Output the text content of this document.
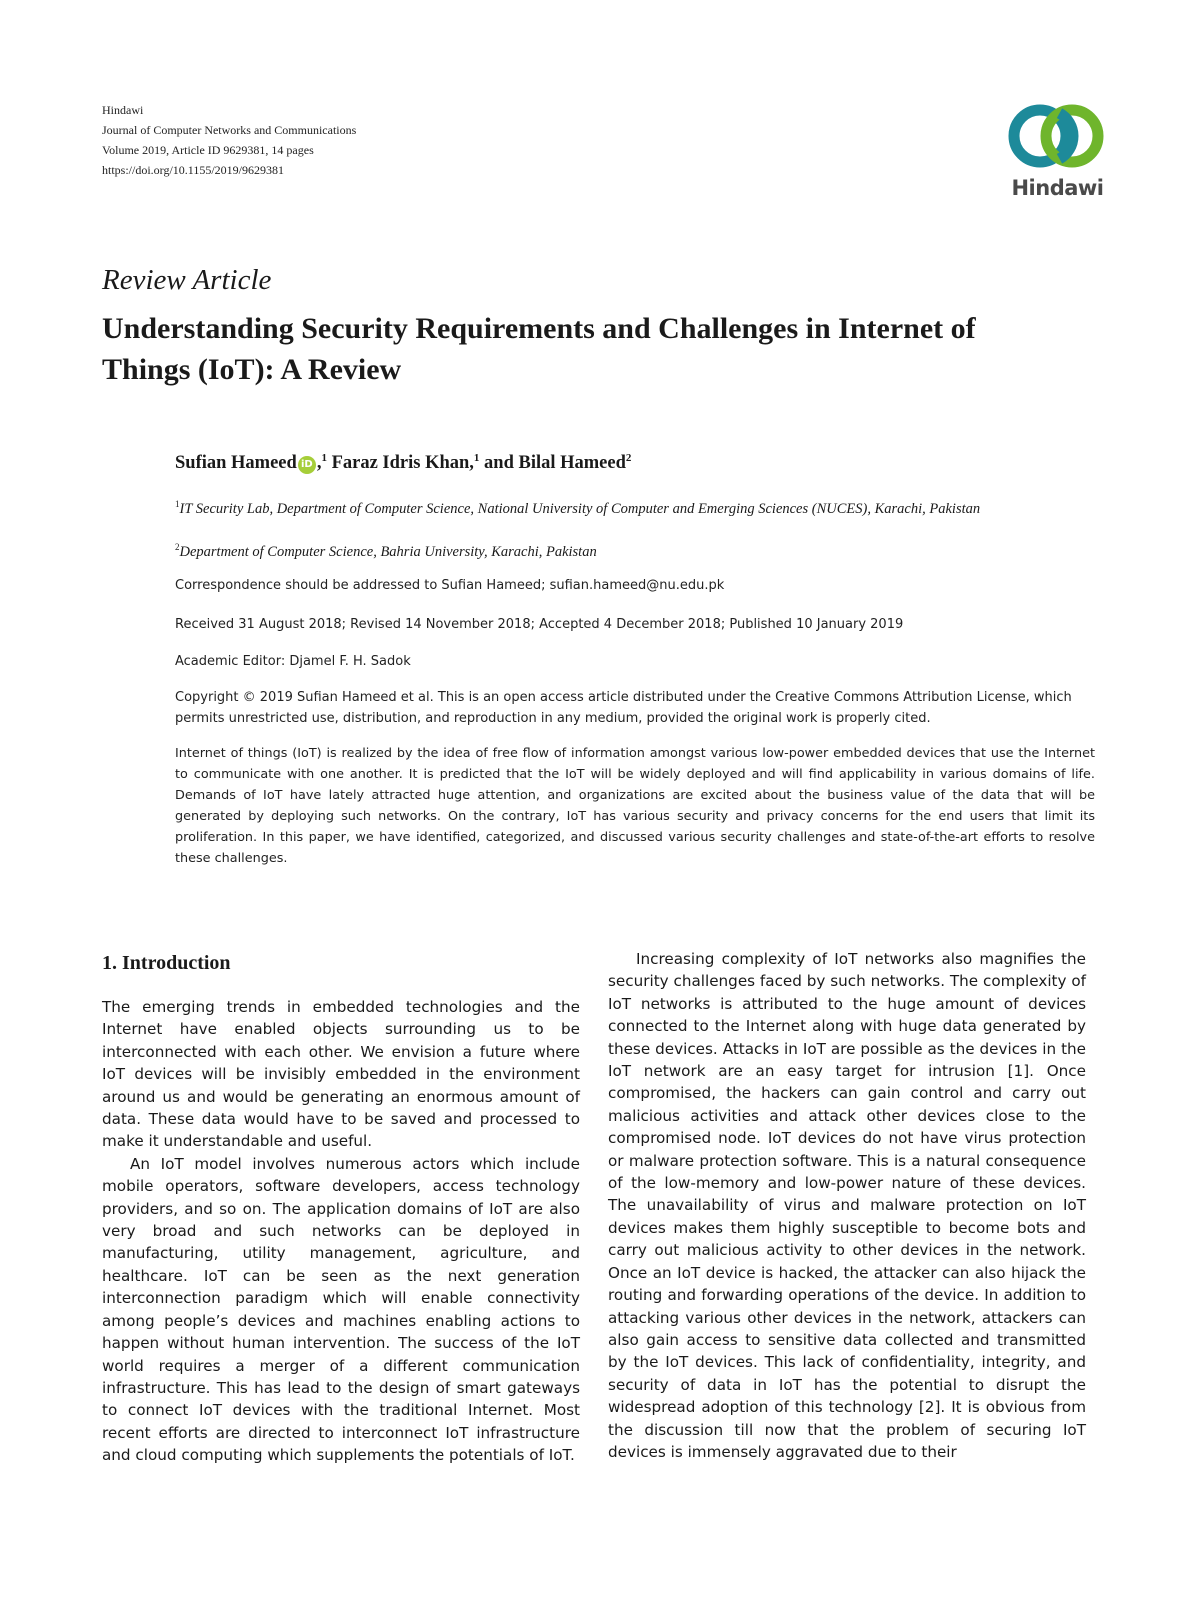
Hindawi
Journal of Computer Networks and Communications
Volume 2019, Article ID 9629381, 14 pages
https://doi.org/10.1155/2019/9629381
Hindawi
Review Article
Understanding Security Requirements and Challenges in Internet of Things (IoT): A Review
Sufian Hameed iD ,$^1$ Faraz Idris Khan,$^1$ and Bilal Hameed$^2$
$^1$IT Security Lab, Department of Computer Science, National University of Computer and Emerging Sciences (NUCES), Karachi, Pakistan
$^2$Department of Computer Science, Bahria University, Karachi, Pakistan
Correspondence should be addressed to Sufian Hameed; sufian.hameed@nu.edu.pk
Received 31 August 2018; Revised 14 November 2018; Accepted 4 December 2018; Published 10 January 2019
Academic Editor: Djamel F. H. Sadok
Copyright © 2019 Sufian Hameed et al. This is an open access article distributed under the Creative Commons Attribution License, which permits unrestricted use, distribution, and reproduction in any medium, provided the original work is properly cited.
Internet of things (IoT) is realized by the idea of free flow of information amongst various low-power embedded devices that use the Internet to communicate with one another. It is predicted that the IoT will be widely deployed and will find applicability in various domains of life. Demands of IoT have lately attracted huge attention, and organizations are excited about the business value of the data that will be generated by deploying such networks. On the contrary, IoT has various security and privacy concerns for the end users that limit its proliferation. In this paper, we have identified, categorized, and discussed various security challenges and state-of-the-art efforts to resolve these challenges.
1. Introduction

The emerging trends in embedded technologies and the Internet have enabled objects surrounding us to be interconnected with each other. We envision a future where IoT devices will be invisibly embedded in the environment around us and would be generating an enormous amount of data. These data would have to be saved and processed to make it understandable and useful.

An IoT model involves numerous actors which include mobile operators, software developers, access technology providers, and so on. The application domains of IoT are also very broad and such networks can be deployed in manufacturing, utility management, agriculture, and healthcare. IoT can be seen as the next generation interconnection paradigm which will enable connectivity among people’s devices and machines enabling actions to happen without human intervention. The success of the IoT world requires a merger of a different communication infrastructure. This has lead to the design of smart gateways to connect IoT devices with the traditional Internet. Most recent efforts are directed to interconnect IoT infrastructure and cloud computing which supplements the potentials of IoT.

Increasing complexity of IoT networks also magnifies the security challenges faced by such networks. The complexity of IoT networks is attributed to the huge amount of devices connected to the Internet along with huge data generated by these devices. Attacks in IoT are possible as the devices in the IoT network are an easy target for intrusion [1]. Once compromised, the hackers can gain control and carry out malicious activities and attack other devices close to the compromised node. IoT devices do not have virus protection or malware protection software. This is a natural consequence of the low-memory and low-power nature of these devices. The unavailability of virus and malware protection on IoT devices makes them highly susceptible to become bots and carry out malicious activity to other devices in the network. Once an IoT device is hacked, the attacker can also hijack the routing and forwarding operations of the device. In addition to attacking various other devices in the network, attackers can also gain access to sensitive data collected and transmitted by the IoT devices. This lack of confidentiality, integrity, and security of data in IoT has the potential to disrupt the widespread adoption of this technology [2]. It is obvious from the discussion till now that the problem of securing IoT devices is immensely aggravated due to their
